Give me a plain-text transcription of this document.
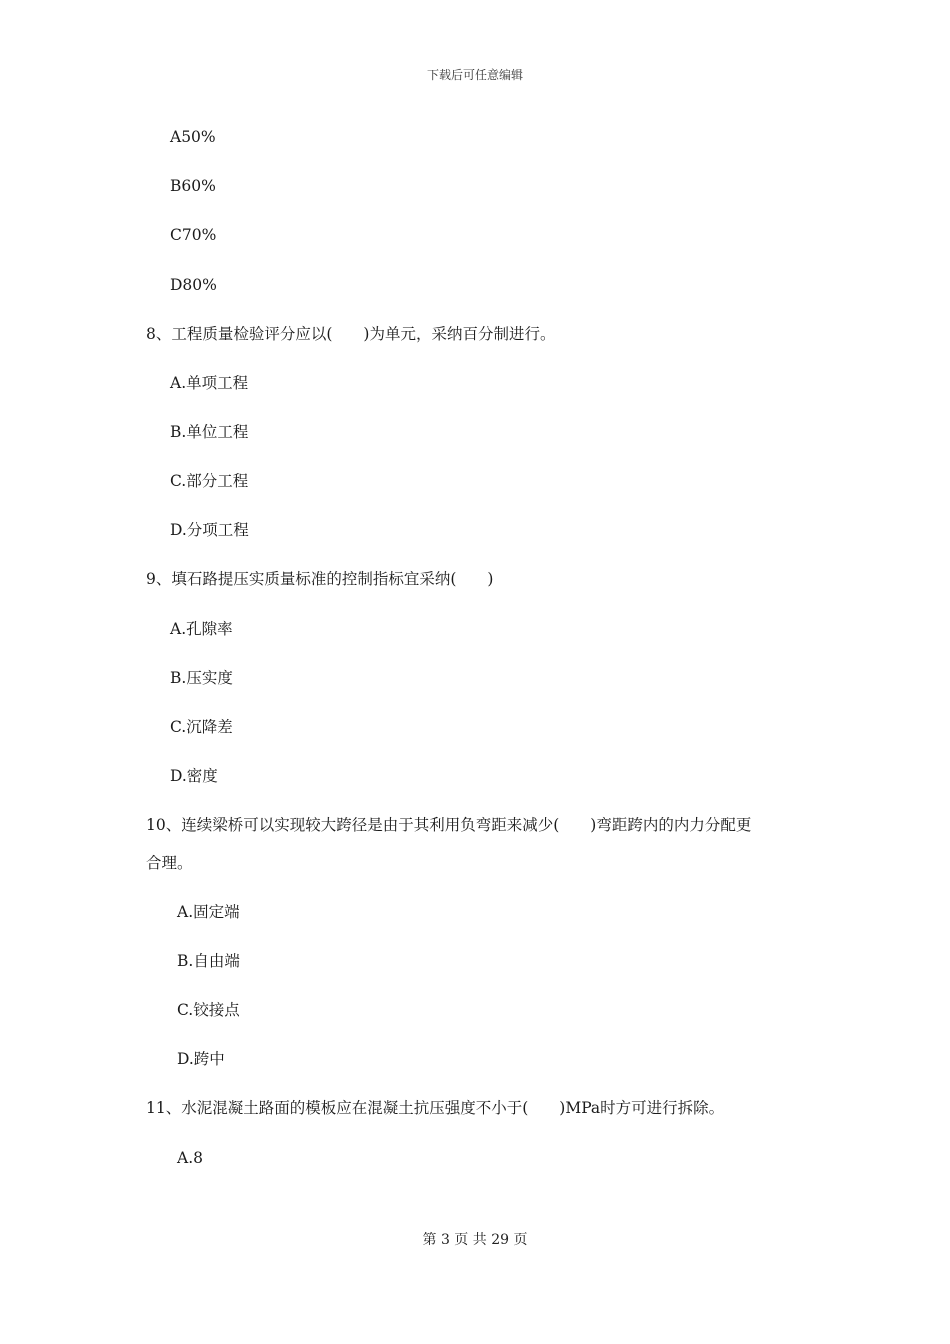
下载后可任意编辑
A50%
B60%
C70%
D80%
8、工程质量检验评分应以(　　)为单元，采纳百分制进行。
A.单项工程
B.单位工程
C.部分工程
D.分项工程
9、填石路提压实质量标准的控制指标宜采纳(　　)
A.孔隙率
B.压实度
C.沉降差
D.密度
10、连续梁桥可以实现较大跨径是由于其利用负弯距来减少(　　)弯距跨内的内力分配更
合理。
A.固定端
B.自由端
C.铰接点
D.跨中
11、水泥混凝土路面的模板应在混凝土抗压强度不小于(　　)MPa时方可进行拆除。
A.8
第 3 页 共 29 页
